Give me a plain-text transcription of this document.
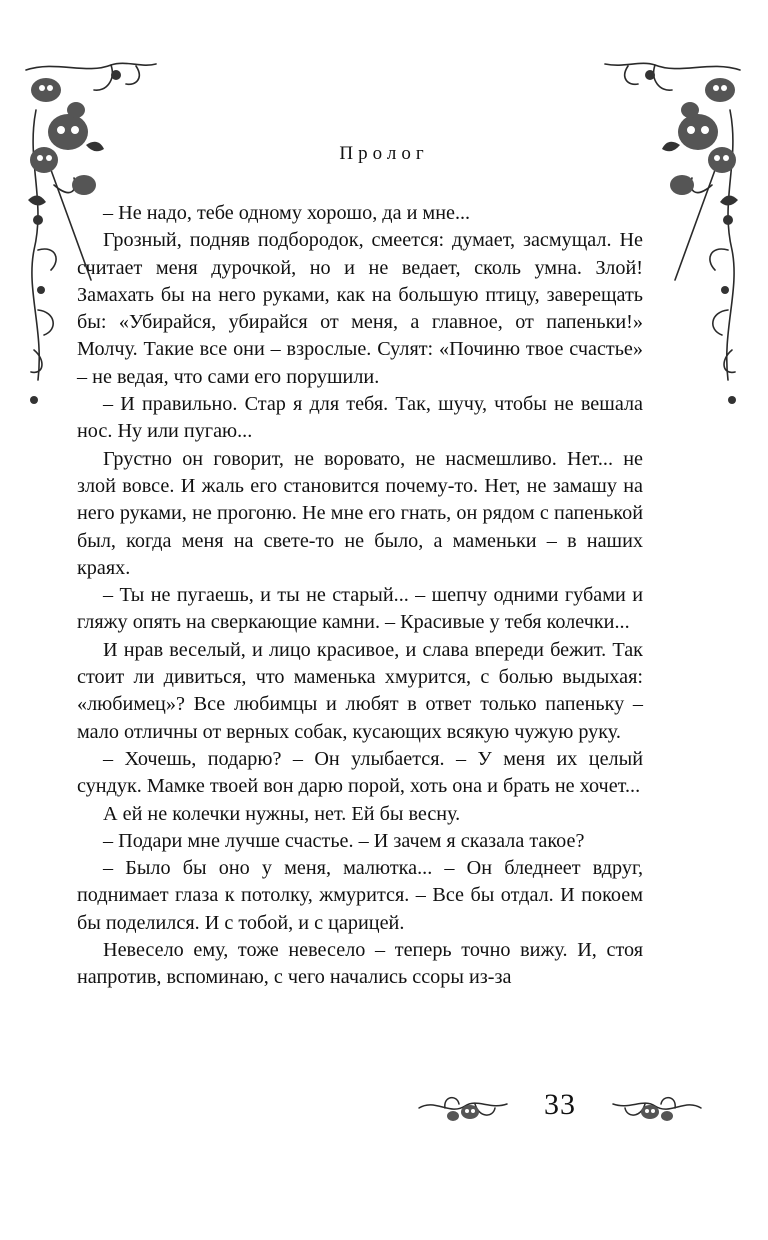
Пролог

– Не надо, тебе одному хорошо, да и мне...

Грозный, подняв подбородок, смеется: думает, засмущал. Не считает меня дурочкой, но и не ведает, сколь умна. Злой! Замахать бы на него руками, как на большую птицу, заверещать бы: «Убирайся, убирайся от меня, а главное, от папеньки!» Молчу. Такие все они – взрослые. Сулят: «Починю твое счастье» – не ведая, что сами его порушили.

– И правильно. Стар я для тебя. Так, шучу, чтобы не вешала нос. Ну или пугаю...

Грустно он говорит, не воровато, не насмешливо. Нет... не злой вовсе. И жаль его становится почему-то. Нет, не замашу на него руками, не прогоню. Не мне его гнать, он рядом с папенькой был, когда меня на свете-то не было, а маменьки – в наших краях.

– Ты не пугаешь, и ты не старый... – шепчу одними губами и гляжу опять на сверкающие камни. – Красивые у тебя колечки...

И нрав веселый, и лицо красивое, и слава впереди бежит. Так стоит ли дивиться, что маменька хмурится, с болью выдыхая: «любимец»? Все любимцы и любят в ответ только папеньку – мало отличны от верных собак, кусающих всякую чужую руку.

– Хочешь, подарю? – Он улыбается. – У меня их целый сундук. Мамке твоей вон дарю порой, хоть она и брать не хочет...

А ей не колечки нужны, нет. Ей бы весну.

– Подари мне лучше счастье. – И зачем я сказала такое?

– Было бы оно у меня, малютка... – Он бледнеет вдруг, поднимает глаза к потолку, жмурится. – Все бы отдал. И покоем бы поделился. И с тобой, и с царицей.

Невесело ему, тоже невесело – теперь точно вижу. И, стоя напротив, вспоминаю, с чего начались ссоры из-за

33
